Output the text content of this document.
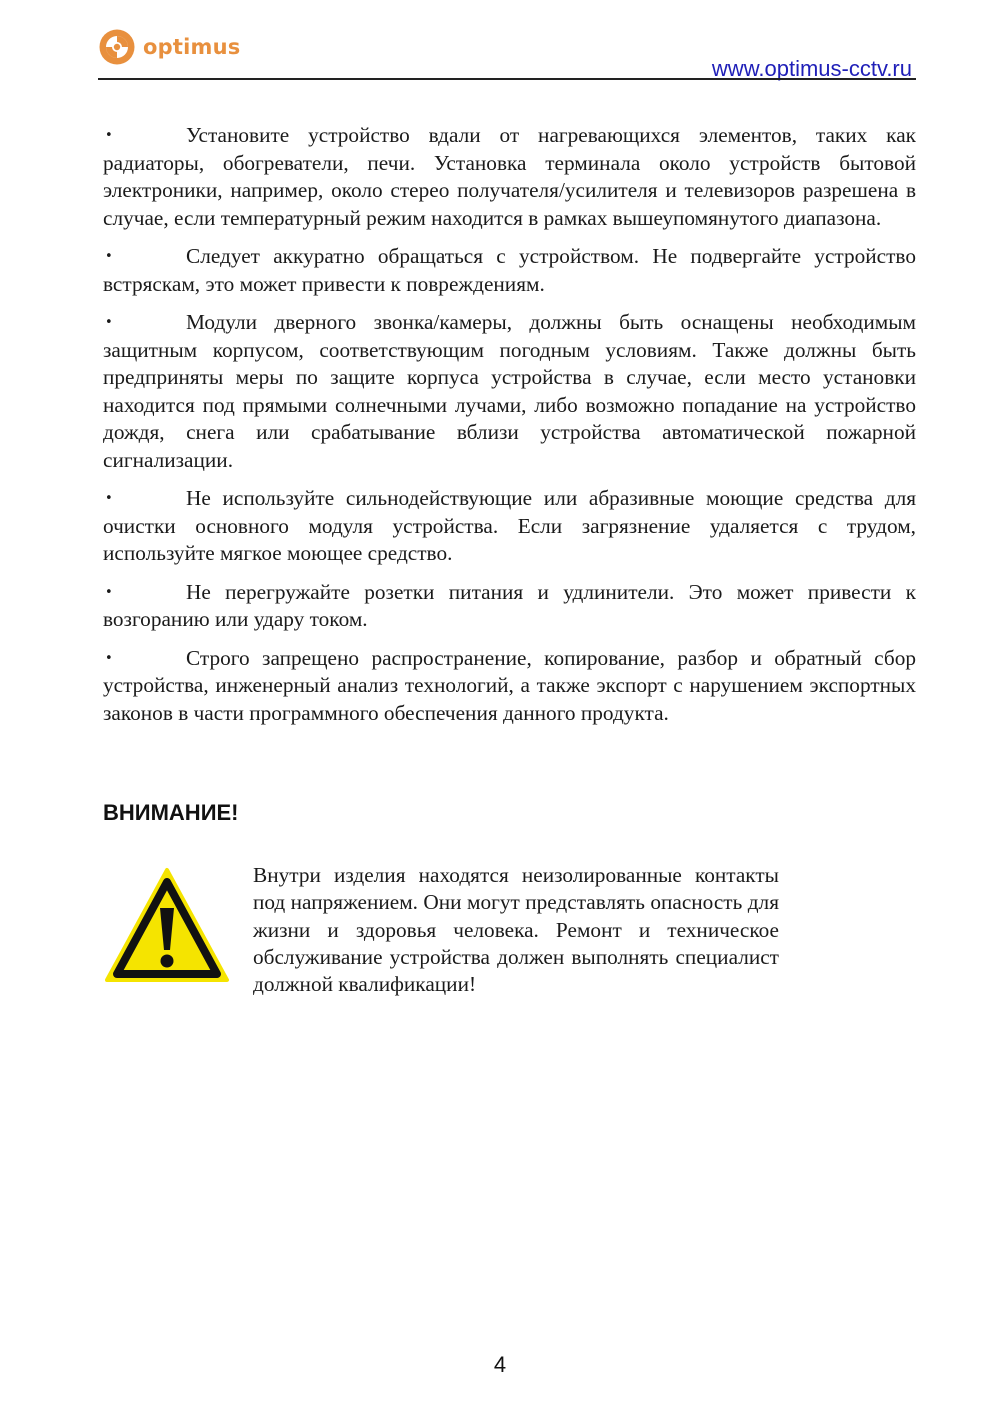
optimus
www.optimus-cctv.ru
•	Установите устройство вдали от нагревающихся элементов, таких как радиаторы, обогреватели, печи. Установка терминала около устройств бытовой электроники, например, около стерео получателя/усилителя и телевизоров разрешена в случае, если температурный режим находится в рамках вышеупомянутого диапазона.
•	Следует аккуратно обращаться с устройством. Не подвергайте устройство встряскам, это может привести к повреждениям.
•	Модули дверного звонка/камеры, должны быть оснащены необходимым защитным корпусом, соответствующим погодным условиям. Также должны быть предприняты меры по защите корпуса устройства в случае, если место установки находится под прямыми солнечными лучами, либо возможно попадание на устройство дождя, снега или срабатывание вблизи устройства автоматической пожарной сигнализации.
•	Не используйте сильнодействующие или абразивные моющие средства для очистки основного модуля устройства. Если загрязнение удаляется с трудом, используйте мягкое моющее средство.
•	Не перегружайте розетки питания и удлинители. Это может привести к возгоранию или удару током.
•	Строго запрещено распространение, копирование, разбор и обратный сбор устройства, инженерный анализ технологий, а также экспорт с нарушением экспортных законов в части программного обеспечения данного продукта.
ВНИМАНИЕ!
Внутри изделия находятся неизолированные контакты под напряжением. Они могут представлять опасность для жизни и здоровья человека. Ремонт и техническое обслуживание устройства должен выполнять специалист должной квалификации!
4
